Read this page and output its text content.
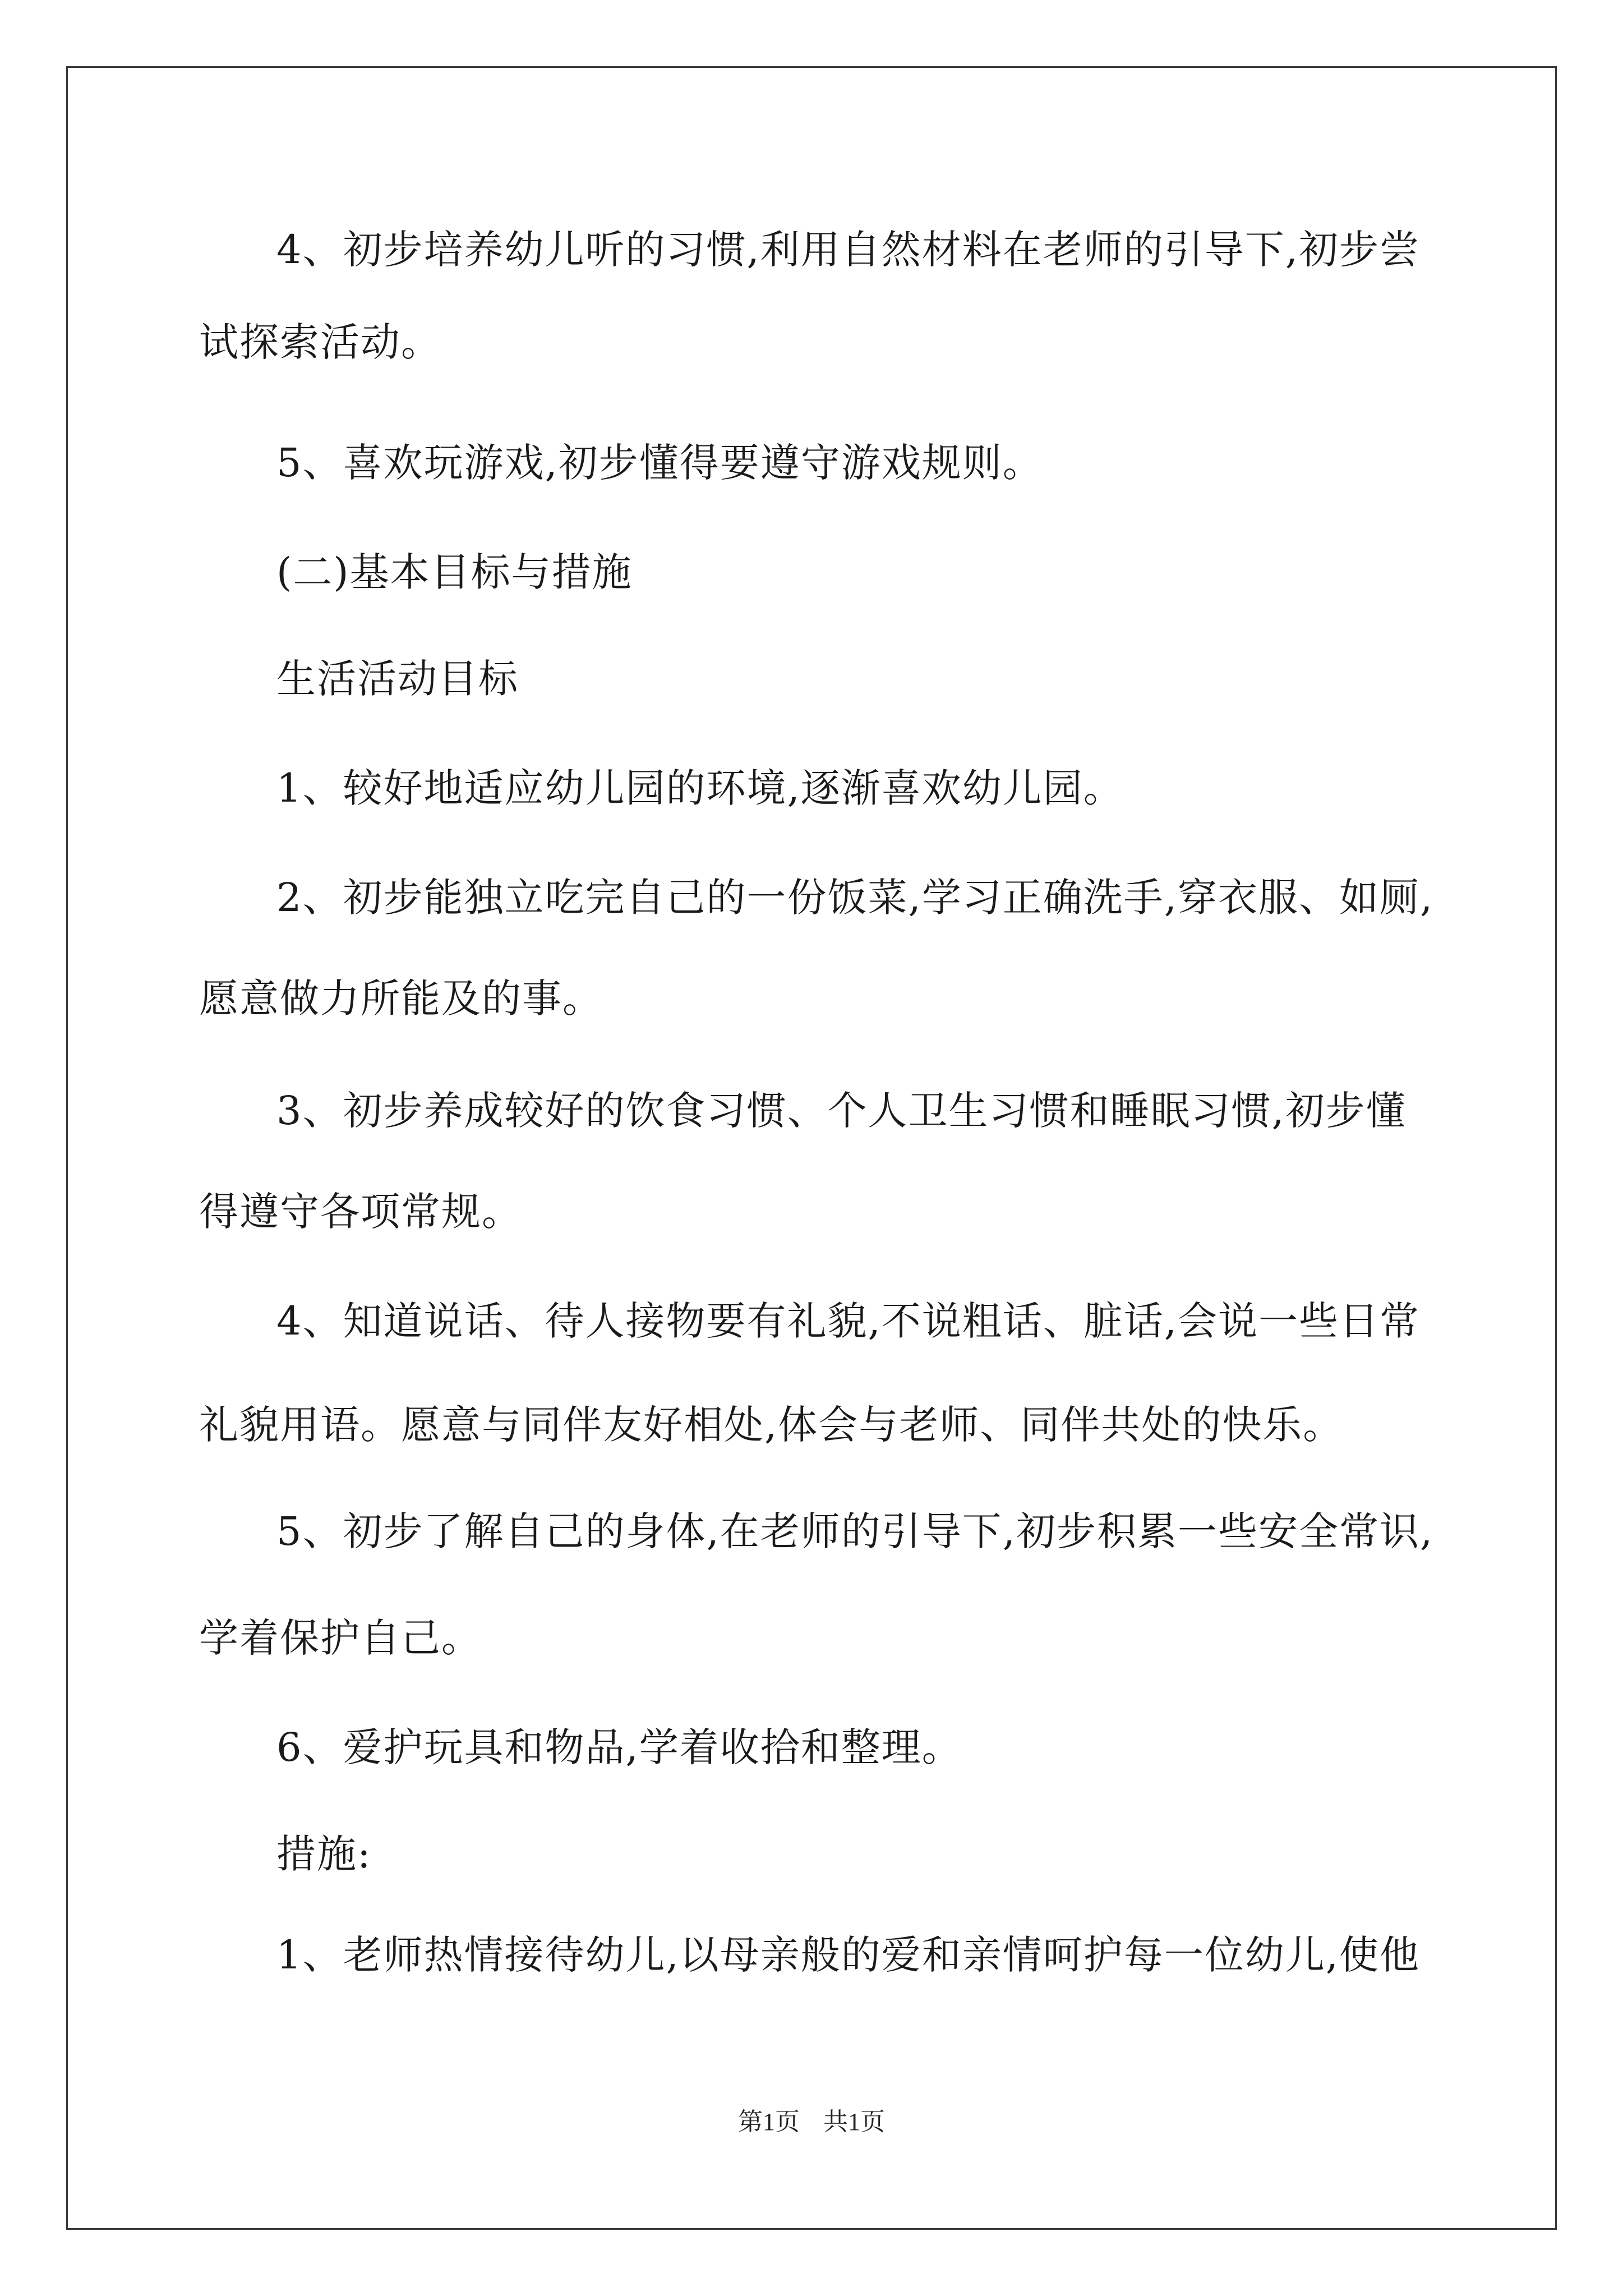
4、初步培养幼儿听的习惯,利用自然材料在老师的引导下,初步尝
试探索活动。
5、喜欢玩游戏,初步懂得要遵守游戏规则。
(二)基本目标与措施
生活活动目标
1、较好地适应幼儿园的环境,逐渐喜欢幼儿园。
2、初步能独立吃完自己的一份饭菜,学习正确洗手,穿衣服、如厕,
愿意做力所能及的事。
3、初步养成较好的饮食习惯、个人卫生习惯和睡眠习惯,初步懂
得遵守各项常规。
4、知道说话、待人接物要有礼貌,不说粗话、脏话,会说一些日常
礼貌用语。愿意与同伴友好相处,体会与老师、同伴共处的快乐。
5、初步了解自己的身体,在老师的引导下,初步积累一些安全常识,
学着保护自己。
6、爱护玩具和物品,学着收拾和整理。
措施:
1、老师热情接待幼儿,以母亲般的爱和亲情呵护每一位幼儿,使他
第1页 共1页
